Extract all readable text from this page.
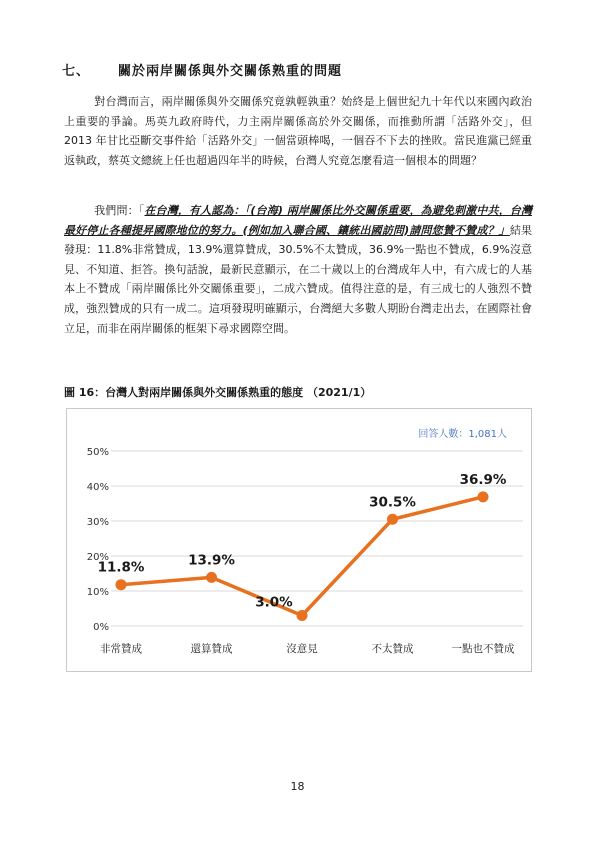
七、 關於兩岸關係與外交關係熟重的問題

對台灣而言，兩岸關係與外交關係究竟孰輕孰重？始終是上個世紀九十年代以來國內政治上重要的爭論。馬英九政府時代，力主兩岸關係高於外交關係，而推動所謂「活路外交」，但 2013 年甘比亞斷交事件給「活路外交」一個當頭棒喝，一個吞不下去的挫敗。當民進黨已經重返執政，蔡英文總統上任也超過四年半的時候，台灣人究竟怎麼看這一個根本的問題？

我們問：「在台灣，有人認為：「(台海) 兩岸關係比外交關係重要，為避免刺激中共，台灣最好停止各種提昇國際地位的努力。(例如加入聯合國、鑲統出國訪問)請問您贊不贊成？」結果發現：11.8%非常贊成，13.9%還算贊成，30.5%不太贊成，36.9%一點也不贊成，6.9%沒意見、不知道、拒答。換句話說，最新民意顯示，在二十歲以上的台灣成年人中，有六成七的人基本上不贊成「兩岸關係比外交關係重要」，二成六贊成。值得注意的是，有三成七的人強烈不贊成，強烈贊成的只有一成二。這項發現明確顯示，台灣絕大多數人期盼台灣走出去，在國際社會立足，而非在兩岸關係的框架下尋求國際空間。

圖 16：台灣人對兩岸關係與外交關係熟重的態度 （2021/1）
0%
10%
20%
30%
40%
50%
非常贊成	還算贊成	沒意見	不太贊成	一點也不贊成
11.8%	13.9%
3.0%
30.5%
36.9%
回答人數：1,081人
18
